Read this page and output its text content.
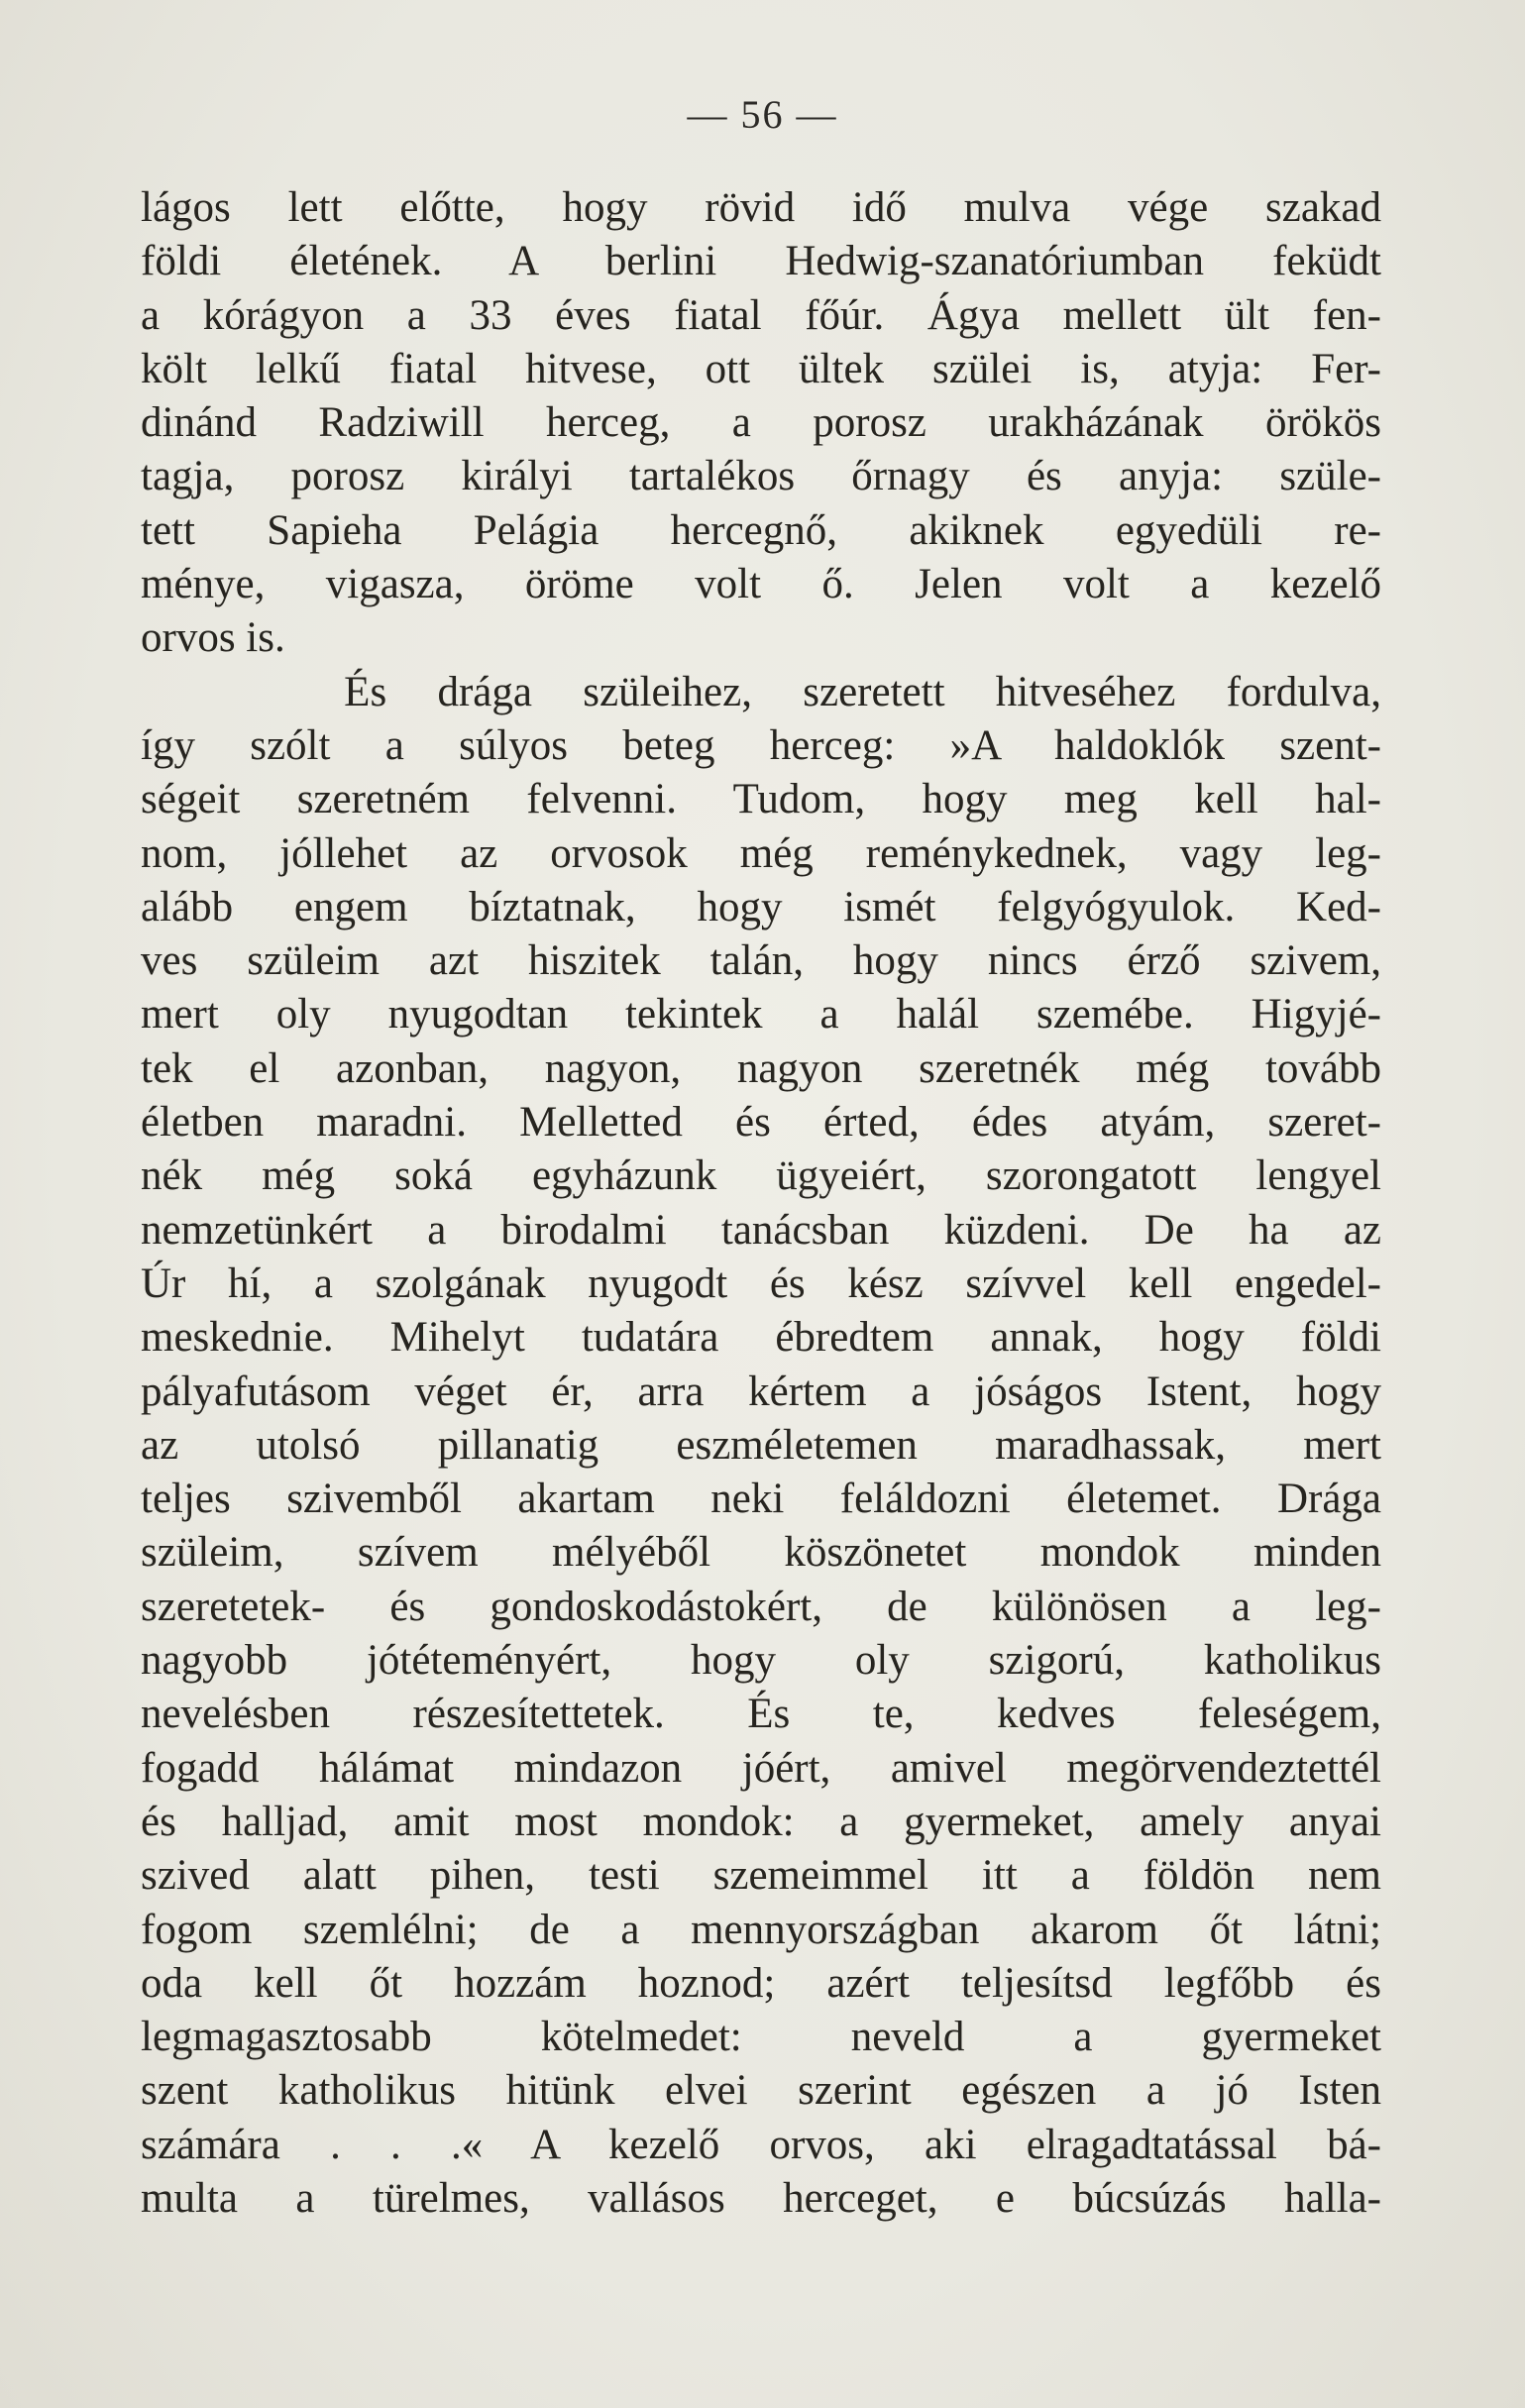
— 56 —
lágos lett előtte, hogy rövid idő mulva vége szakad
földi életének. A berlini Hedwig-szanatóriumban feküdt
a kórágyon a 33 éves fiatal főúr. Ágya mellett ült fen-
költ lelkű fiatal hitvese, ott ültek szülei is, atyja: Fer-
dinánd Radziwill herceg, a porosz urakházának örökös
tagja, porosz királyi tartalékos őrnagy és anyja: szüle-
tett Sapieha Pelágia hercegnő, akiknek egyedüli re-
ménye, vigasza, öröme volt ő. Jelen volt a kezelő
orvos is.
És drága szüleihez, szeretett hitveséhez fordulva,
így szólt a súlyos beteg herceg: »A haldoklók szent-
ségeit szeretném felvenni. Tudom, hogy meg kell hal-
nom, jóllehet az orvosok még reménykednek, vagy leg-
alább engem bíztatnak, hogy ismét felgyógyulok. Ked-
ves szüleim azt hiszitek talán, hogy nincs érző szivem,
mert oly nyugodtan tekintek a halál szemébe. Higyjé-
tek el azonban, nagyon, nagyon szeretnék még tovább
életben maradni. Melletted és érted, édes atyám, szeret-
nék még soká egyházunk ügyeiért, szorongatott lengyel
nemzetünkért a birodalmi tanácsban küzdeni. De ha az
Úr hí, a szolgának nyugodt és kész szívvel kell engedel-
meskednie. Mihelyt tudatára ébredtem annak, hogy földi
pályafutásom véget ér, arra kértem a jóságos Istent, hogy
az utolsó pillanatig eszméletemen maradhassak, mert
teljes szivemből akartam neki feláldozni életemet. Drága
szüleim, szívem mélyéből köszönetet mondok minden
szeretetek- és gondoskodástokért, de különösen a leg-
nagyobb jótéteményért, hogy oly szigorú, katholikus
nevelésben részesítettetek. És te, kedves feleségem,
fogadd hálámat mindazon jóért, amivel megörvendeztettél
és halljad, amit most mondok: a gyermeket, amely anyai
szived alatt pihen, testi szemeimmel itt a földön nem
fogom szemlélni; de a mennyországban akarom őt látni;
oda kell őt hozzám hoznod; azért teljesítsd legfőbb és
legmagasztosabb kötelmedet: neveld a gyermeket
szent katholikus hitünk elvei szerint egészen a jó Isten
számára . . .« A kezelő orvos, aki elragadtatással bá-
multa a türelmes, vallásos herceget, e búcsúzás halla-
